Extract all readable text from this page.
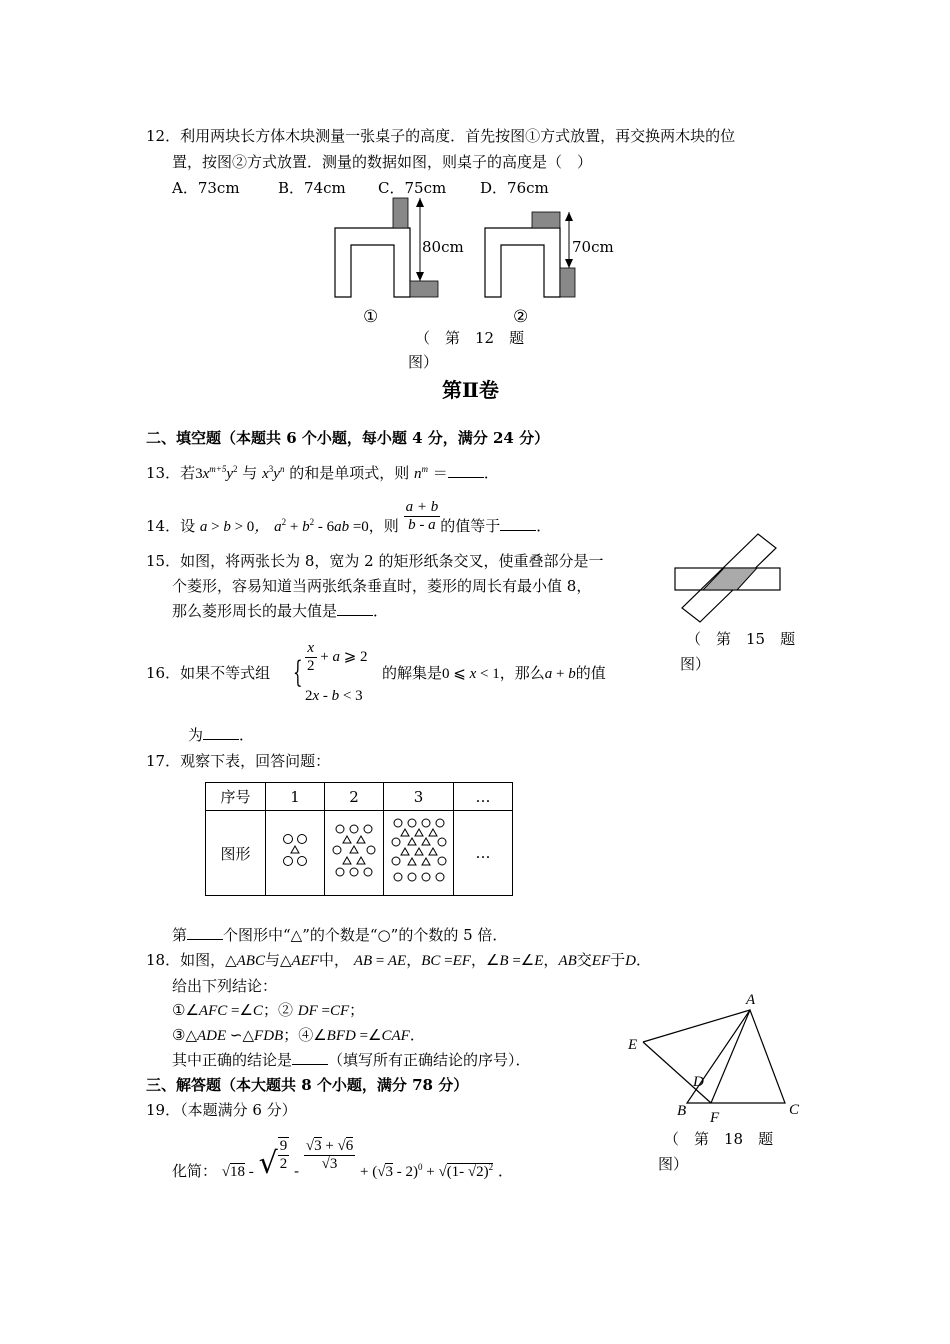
12．利用两块长方体木块测量一张桌子的高度．首先按图①方式放置，再交换两木块的位
置，按图②方式放置．测量的数据如图，则桌子的高度是（　）
A．73cm	B．74cm C．75cm D．76cm
80cm	70cm
①	②
（　第　12　题
图）
第Ⅱ卷
二、填空题（本题共 6 个小题，每小题 4 分，满分 24 分）
13．若$3x^{m+5}y^2$ 与 $x^3y^n$ 的和是单项式，则 $n^m$ ＝ ．
14．设 a > b > 0， $a^2 + b^2 - 6ab =0$，则 $\frac{a + b}{b - a}$ 的值等于 ．
15．如图，将两张长为 8，宽为 2 的矩形纸条交叉，使重叠部分是一
个菱形，容易知道当两张纸条垂直时，菱形的周长有最小值 8，
那么菱形周长的最大值是 ．
（　第　15　题
图）
16．如果不等式组 { $\frac{x}{2} + a$ ⩾ 2
2x - b < 3
的解集是0 ⩽ x < 1，那么a + b的值
为 ．
17．观察下表，回答问题：
序号	1	2	3	…
图形				…
第 个图形中“△”的个数是“○”的个数的 5 倍．
18．如图，△ABC与△AEF中， AB = AE，BC =EF，∠B =∠E，AB交EF于D．
给出下列结论：
①∠AFC =∠C；② DF =CF；
③△ADE ∽△FDB；④∠BFD =∠CAF．
其中正确的结论是 （填写所有正确结论的序号）．
A
E
D
B F	C
（　第　18　题
图）
三、解答题（本大题共 8 个小题，满分 78 分）
19．（本题满分 6 分）
化简： √18 - √ $\frac{9}{2} - \frac{√3 + √6}{√3} + (√3 - 2)^0 + √(1-$ √2)$^2$ ．
